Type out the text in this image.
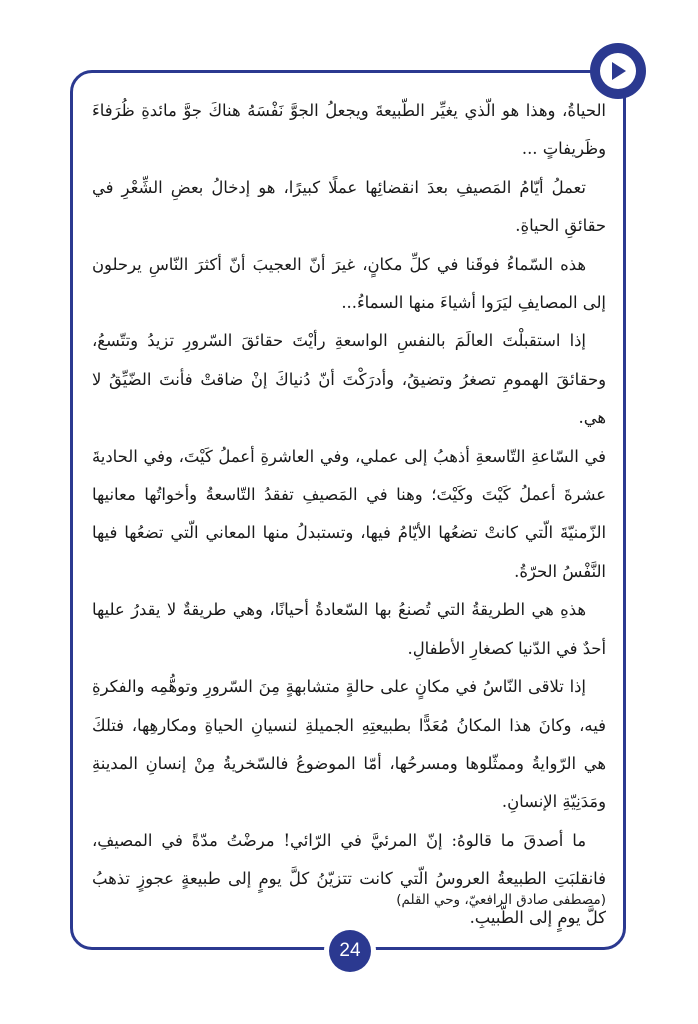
الحياةُ، وهذا هو الّذي يغيِّر الطّبيعةَ ويجعلُ الجوَّ نَفْسَهُ هناكَ جوَّ مائدةِ ظُرَفاءَ وظَريفاتٍ ...

تعملُ أيّامُ المَصيفِ بعدَ انقضائِها عملًا كبيرًا، هو إدخالُ بعضِ الشِّعْرِ في حقائقِ الحياةِ.

هذه السّماءُ فوقَنا في كلِّ مكانٍ، غيرَ أنّ العجيبَ أنّ أكثرَ النّاسِ يرحلون إلى المصايفِ ليَرَوا أشياءَ منها السماءُ...

إذا استقبلْتَ العالَمَ بالنفسِ الواسعةِ رأيْتَ حقائقَ السّرورِ تزيدُ وتتّسعُ، وحقائقَ الهمومِ تصغرُ وتضيقُ، وأدرَكْتَ أنّ دُنياكَ إنْ ضاقتْ فأنتَ الضّيِّقُ لا هي.

في السّاعةِ التّاسعةِ أذهبُ إلى عملي، وفي العاشرةِ أعملُ كَيْتَ، وفي الحاديةَ عشرةَ أعملُ كَيْتَ وكَيْتَ؛ وهنا في المَصيفِ تفقدُ التّاسعةُ وأخواتُها معانيها الزّمنيّةَ الّتي كانتْ تضعُها الأيّامُ فيها، وتستبدلُ منها المعاني الّتي تضعُها فيها النَّفْسُ الحرّةُ.

هذهِ هي الطريقةُ التي تُصنعُ بها السّعادةُ أحيانًا، وهي طريقةٌ لا يقدرُ عليها أحدٌ في الدّنيا كصغارِ الأطفالِ.

إذا تلاقى النّاسُ في مكانٍ على حالةٍ متشابهةٍ مِنَ السّرورِ وتوهُّمِه والفكرةِ فيه، وكانَ هذا المكانُ مُعَدًّا بطبيعتِهِ الجميلةِ لنسيانِ الحياةِ ومكارهِها، فتلكَ هي الرّوايةُ وممثّلوها ومسرحُها، أمّا الموضوعُ فالسّخريةُ مِنْ إنسانِ المدينةِ ومَدَنِيّةِ الإنسانِ.

ما أصدقَ ما قالوهُ: إنّ المرئيَّ في الرّائي! مرضْتُ مدّةً في المصيفِ، فانقلبَتِ الطبيعةُ العروسُ الّتي كانت تتزيّنُ كلَّ يومٍ إلى طبيعةٍ عجوزٍ تذهبُ كلَّ يومٍ إلى الطّبيبِ.

(مصطفى صادق الرافعيّ، وحي القلم)
24
